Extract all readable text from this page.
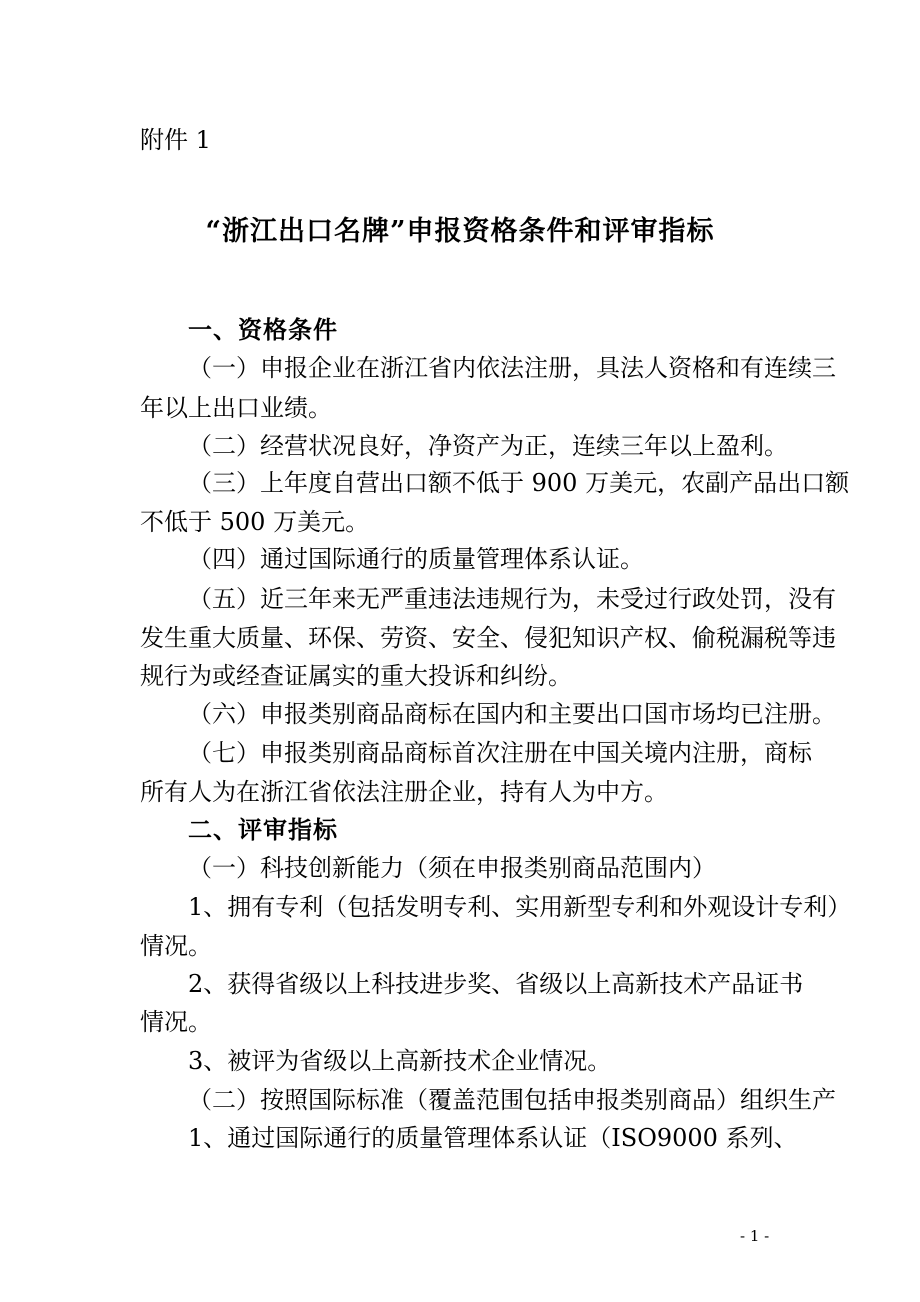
附件 1
“浙江出口名牌”申报资格条件和评审指标
一、资格条件
（一）申报企业在浙江省内依法注册，具法人资格和有连续三
年以上出口业绩。
（二）经营状况良好，净资产为正，连续三年以上盈利。
（三）上年度自营出口额不低于 900 万美元，农副产品出口额
不低于 500 万美元。
（四）通过国际通行的质量管理体系认证。
（五）近三年来无严重违法违规行为，未受过行政处罚，没有
发生重大质量、环保、劳资、安全、侵犯知识产权、偷税漏税等违
规行为或经查证属实的重大投诉和纠纷。
（六）申报类别商品商标在国内和主要出口国市场均已注册。
（七）申报类别商品商标首次注册在中国关境内注册，商标
所有人为在浙江省依法注册企业，持有人为中方。
二、评审指标
（一）科技创新能力（须在申报类别商品范围内）
1、拥有专利（包括发明专利、实用新型专利和外观设计专利）
情况。
2、获得省级以上科技进步奖、省级以上高新技术产品证书
情况。
3、被评为省级以上高新技术企业情况。
（二）按照国际标准（覆盖范围包括申报类别商品）组织生产
1、通过国际通行的质量管理体系认证（ISO9000 系列、
- 1 -
